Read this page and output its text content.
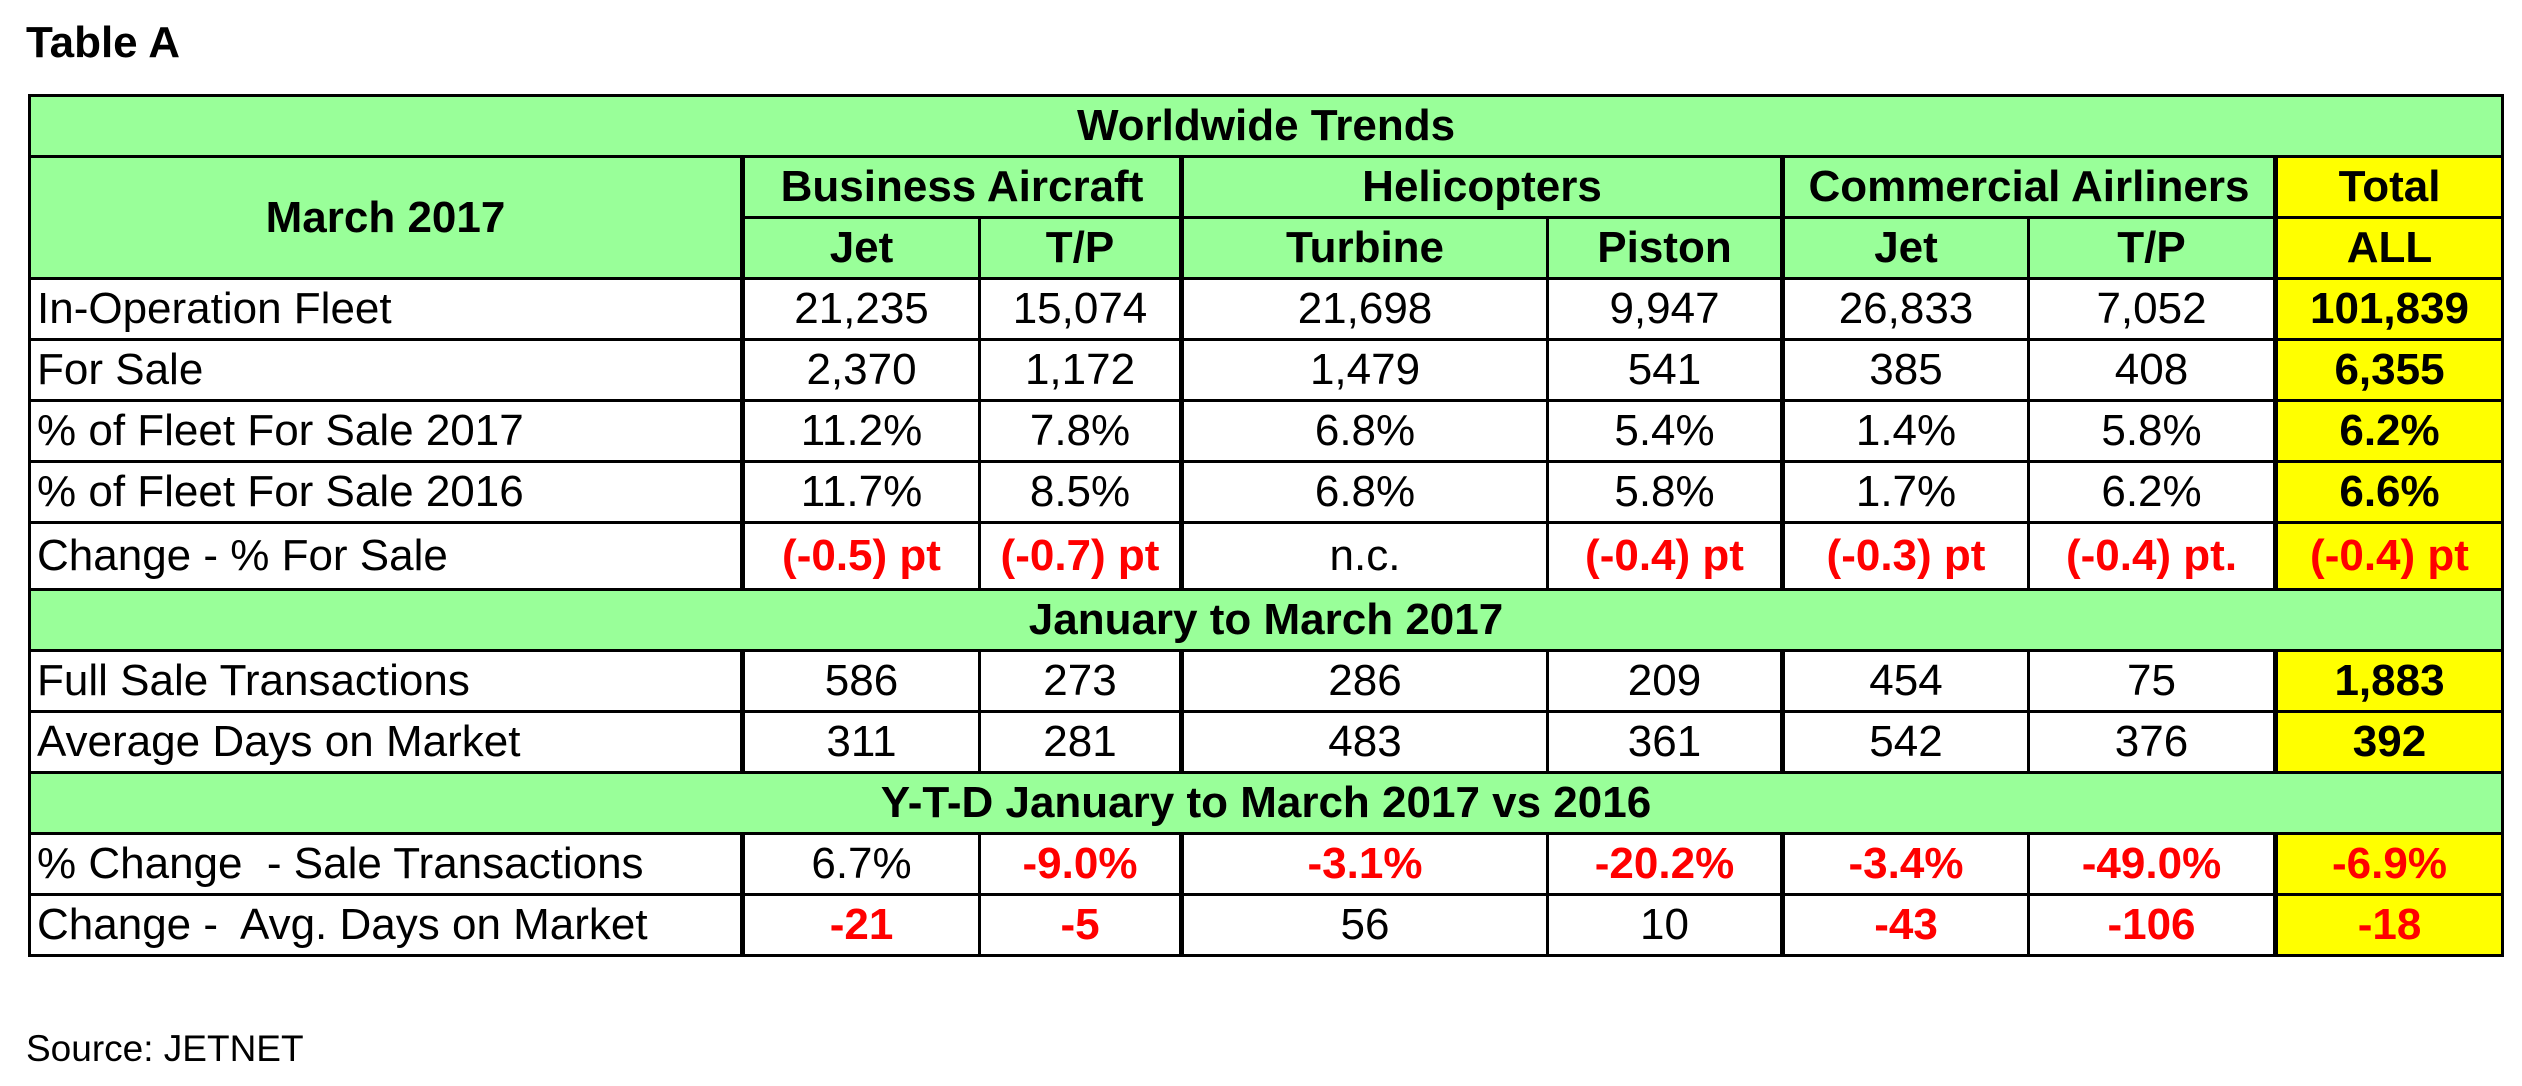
Table A
Worldwide Trends							
March 2017	Business Aircraft		Helicopters		Commercial Airliners		Total
	Jet	T/P	Turbine	Piston	Jet	T/P	ALL
In-Operation Fleet	21,235	15,074	21,698	9,947	26,833	7,052	101,839
For Sale	2,370	1,172	1,479	541	385	408	6,355
% of Fleet For Sale 2017	11.2%	7.8%	6.8%	5.4%	1.4%	5.8%	6.2%
% of Fleet For Sale 2016	11.7%	8.5%	6.8%	5.8%	1.7%	6.2%	6.6%
Change - % For Sale	(-0.5) pt	(-0.7) pt	n.c.	(-0.4) pt	(-0.3) pt	(-0.4) pt.	(-0.4) pt
January to March 2017							
Full Sale Transactions	586	273	286	209	454	75	1,883
Average Days on Market	311	281	483	361	542	376	392
Y-T-D January to March 2017 vs 2016							
% Change  - Sale Transactions	6.7%	-9.0%	-3.1%	-20.2%	-3.4%	-49.0%	-6.9%
Change -  Avg. Days on Market	-21	-5	56	10	-43	-106	-18
Source: JETNET
